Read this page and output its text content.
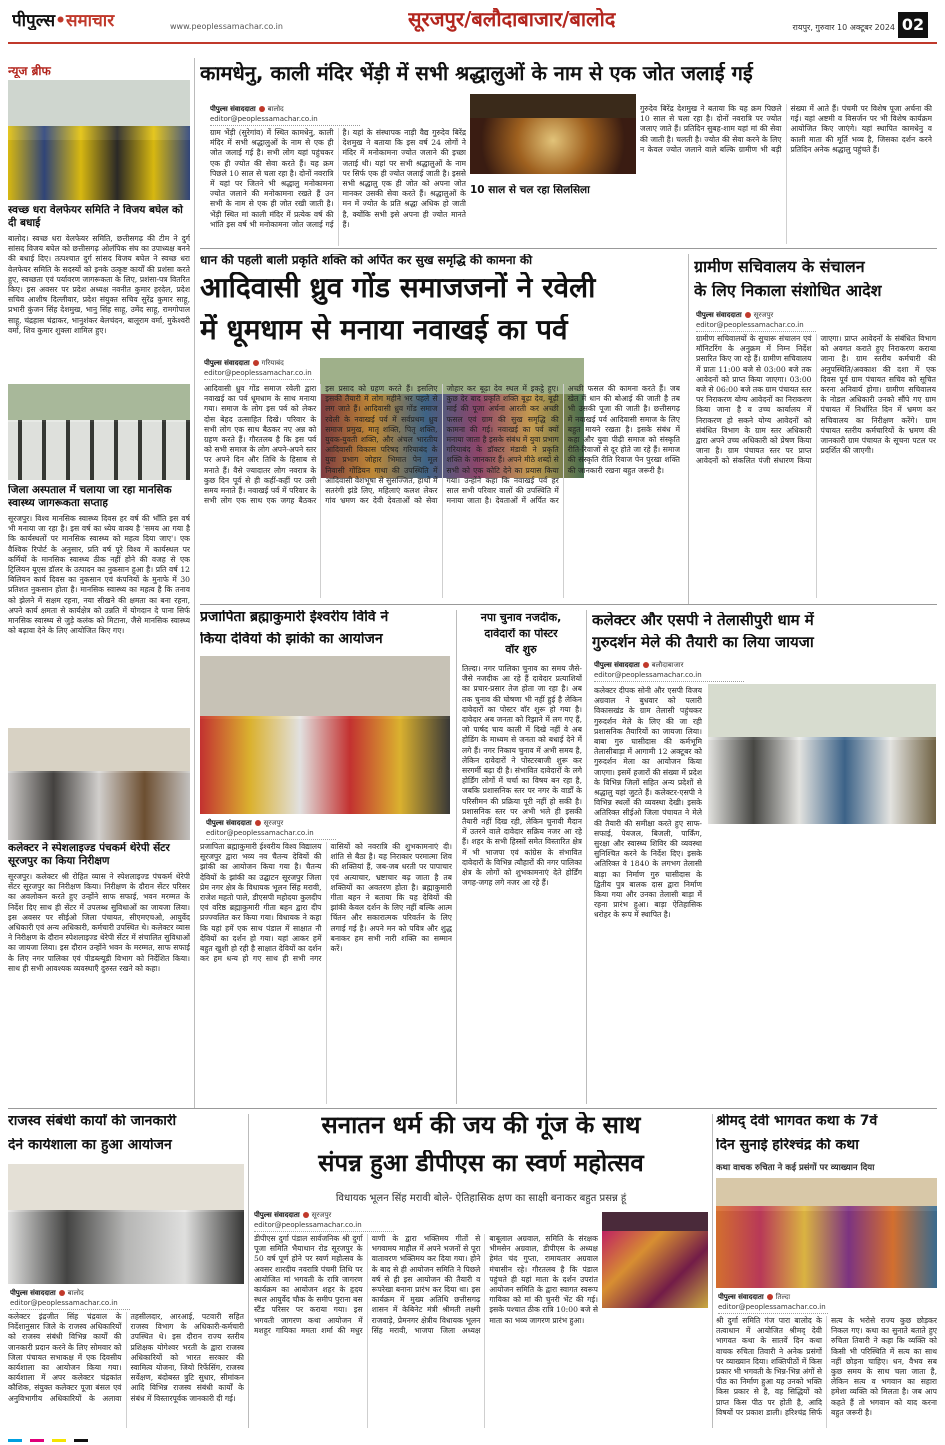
पीपुल्स•समाचार	www.peoplessamachar.co.in	सूरजपुर/बलौदाबाजार/बालोद	रायपुर, गुरुवार 10 अक्टूबर 2024 02
न्यूज ब्रीफ
स्वच्छ धरा वेलफेयर समिति ने विजय बघेल को दी बधाई
बालोद। स्वच्छ धरा वेलफेयर समिति, छत्तीसगढ़ की टीम ने दुर्ग सांसद विजय बघेल को छत्तीसगढ़ ओलंपिक संघ का उपाध्यक्ष बनने की बधाई दिए। तत्पश्चात दुर्ग सांसद विजय बघेल ने स्वच्छ धरा वेलफेयर समिति के सदस्यों को इनके उत्कृष्ट कार्यों की प्रशंसा करते हुए, स्वच्छता एवं पर्यावरण जागरूकता के लिए, प्रशंसा-पत्र वितरित किए। इस अवसर पर प्रदेश अध्यक्ष नवनीत कुमार हरदेल, प्रदेश सचिव आशीष दिल्लीवार, प्रदेश संयुक्त सचिव सुरेंद्र कुमार साहू, प्रभारी कुंजन सिंह देशमुख, भानु सिंह साहू, उमेंद साहू, रामगोपाल साहू, चंद्रहास चंद्राकर, भानुशंकर बेलचंदन, बालूराम वर्मा, मुकेश्वरी वर्मा, शिव कुमार शुक्ला शामिल हुए।
जिला अस्पताल में चलाया जा रहा मानसिक स्वास्थ्य जागरूकता सप्ताह
सूरजपुर। विश्व मानसिक स्वास्थ्य दिवस हर वर्ष की भाँति इस वर्ष भी मनाया जा रहा है। इस वर्ष का ध्येय वाक्य है 'समय आ गया है कि कार्यस्थलों पर मानसिक स्वास्थ्य को महत्व दिया जाए'। एक वैश्विक रिपोर्ट के अनुसार, प्रति वर्ष पूरे विश्व में कार्यस्थल पर कर्मियों के मानसिक स्वास्थ्य ठीक नहीं होने की वजह से एक ट्रिलियन यूएस डॉलर के उत्पादन का नुकसान हुआ है। प्रति वर्ष 12 बिलियन कार्य दिवस का नुकसान एवं कंपनियों के मुनाफे में 30 प्रतिशत नुकसान होता है। मानसिक स्वास्थ्य का महत्व है कि तनाव को झेलने में सक्षम रहना, नया सीखने की क्षमता का बना रहना, अपने कार्य क्षमता से कार्यक्षेत्र को उन्नति में योगदान दे पाना सिर्फ मानसिक स्वास्थ्य से जुड़े कलंक को मिटाना, जैसे मानसिक स्वास्थ्य को बढ़ावा देने के लिए आयोजित किए गए।
कलेक्टर ने स्पेशलाइज्ड पंचकर्म थेरेपी सेंटर सूरजपुर का किया निरीक्षण
सूरजपुर। कलेक्टर श्री रोहित व्यास ने स्पेशलाइज्ड पंचकर्म थेरेपी सेंटर सूरजपुर का निरीक्षण किया। निरीक्षण के दौरान सेंटर परिसर का अवलोकन करते हुए उन्होंने साफ सफाई, भवन मरम्मत के निर्देश दिए साथ ही सेंटर में उपलब्ध सुविधाओं का जायजा लिया। इस अवसर पर सीईओ जिला पंचायत, सीएमएचओ, आयुर्वेद अधिकारी एवं अन्य अधिकारी, कर्मचारी उपस्थित थे। कलेक्टर व्यास ने निरीक्षण के दौरान स्पेशलाइज्ड थेरेपी सेंटर में संचालित सुविधाओं का जायजा लिया। इस दौरान उन्होंने भवन के मरम्मत, साफ सफाई के लिए नगर पालिका एवं पीडब्ल्यूडी विभाग को निर्देशित किया। साथ ही सभी आवश्यक व्यवस्थाएँ दुरुस्त रखने को कहा।
कामधेनु, काली मंदिर भेंड़ी में सभी श्रद्धालुओं के नाम से एक जोत जलाई गई
पीपुल्स संवाददाता बालोद
editor@peoplessamachar.co.in
ग्राम भेंड़ी (सुरेगांव) में स्थित कामधेनु, काली मंदिर में सभी श्रद्धालुओं के नाम से एक ही जोत जलाई गई है। सभी लोग यहां पहुंचकर एक ही ज्योत की सेवा करते हैं। यह क्रम पिछले 10 साल से चला रहा है। दोनों नवरात्रि में यहां पर जितने भी श्रद्धालु मनोकामना ज्योत जलाने की मनोकामना रखते हैं उन सभी के नाम से एक ही जोत रखी जाती है। भेंड़ी स्थित मां काली मंदिर में प्रत्येक वर्ष की भांति इस वर्ष भी मनोकामना जोत जलाई गई है। यहां के संस्थापक नाड़ी वैद्य गुरुदेव बिरेंद्र देशमुख ने बताया कि इस वर्ष 24 लोगों ने मंदिर में मनोकामना ज्योत जलाने की इच्छा जताई थी। यहां पर सभी श्रद्धालुओं के नाम पर सिर्फ एक ही ज्योत जलाई जाती है। इससे सभी श्रद्धालु एक ही जोत को अपना जोत मानकर उसकी सेवा करते हैं। श्रद्धालुओं के मन में ज्योत के प्रति श्रद्धा अधिक हो जाती है, क्योंकि सभी इसे अपना ही ज्योत मानते हैं।
गुरुदेव बिरेंद्र देशमुख ने बताया कि यह क्रम पिछले 10 साल से चला रहा है। दोनों नवरात्रि पर ज्योत जलाए जाते हैं। प्रतिदिन सुबह-शाम यहां मां की सेवा की जाती है। चलती है। ज्योत की सेवा करने के लिए न केवल ज्योत जलाने वाले बल्कि ग्रामीण भी बड़ी संख्या में आते हैं। पंचमी पर विशेष पूजा अर्चना की गई। यहां अष्टमी व विसर्जन पर भी विशेष कार्यक्रम आयोजित किए जाएंगे। यहां स्थापित कामधेनु व काली माता की मूर्ति भव्य है, जिसका दर्शन करने प्रतिदिन अनेक श्रद्धालु पहुंचते हैं।
10 साल से चल रहा सिलसिला
धान की पहली बाली प्रकृति शक्ति को अर्पित कर सुख समृद्धि की कामना की
आदिवासी ध्रुव गोंड समाजजनों ने रवेली
में धूमधाम से मनाया नवाखई का पर्व
पीपुल्स संवाददाता गरियाबंद
editor@peoplessamachar.co.in
आदिवासी ध्रुव गोंड समाज रवेली द्वारा नवाखई का पर्व धूमधाम के साथ मनाया गया। समाज के लोग इस पर्व को लेकर दोस बेहद उत्साहित दिखे। परिवार के सभी लोग एक साथ बैठकर नए अन्न को ग्रहण करते हैं। गौरतलब है कि इस पर्व को सभी समाज के लोग अपने-अपने स्तर पर अपने दिन और तिथि के हिसाब से मनाते हैं। वैसे ज्यादातर लोग नवरात्र के कुछ दिन पूर्व से ही कहीं-कहीं पर उसी समय मनाते हैं। नवाखई पर्व में परिवार के सभी लोग एक साथ एक जगह बैठकर इस प्रसाद को ग्रहण करते हैं। इसलिए इसकी तैयारी में लोग महीने भर पहले से लग जाते हैं। आदिवासी ध्रुव गोंड समाज रवेली के नवाखई पर्व में सर्वप्रथम ध्रुव समाज प्रमुख, मातृ शक्ति, पितृ शक्ति, युवक-युवती शक्ति, और अंचल भारतीय आदिवासी विकास परिषद गरियाबंद के युवा प्रभाग जोहार भिमात पेन मूल निवासी गोंडियन गाथा की उपस्थिति में आदिवासी वेशभूषा से सुसज्जित, हाथों में सतरंगी झंडे लिए, महिलाएं कलश लेकर गांव भ्रमण कर देवी देवताओं को सेवा जोहार कर बूढ़ा देव स्थल में इकट्ठे हुए। कुछ देर बाद प्रकृति शक्ति बूढ़ा देव, बूढ़ी माई की पूजा अर्चना आरती कर अच्छी फसल एवं ग्राम की सुख समृद्धि की कामना की गई। नवाखई का पर्व क्यों मनाया जाता है इसके संबंध में युवा प्रभाग गरियाबंद के डॉक्टर मंडावी ने प्रकृति शक्ति के जानकार हैं। अपने मीठे शब्दों से सभी को एक कोटि देने का प्रयास किया गया। उन्होंने कहा कि नवाखई पर्व हर साल सभी परिवार वालों की उपस्थिति में मनाया जाता है। देवताओं में अर्पित कर अच्छी फसल की कामना करते हैं। जब खेत में धान की बोआई की जाती है तब भी उसकी पूजा की जाती है। छत्तीसगढ़ में नवाखई पर्व आदिवासी समाज के लिए बहुत मायने रखता है। इसके संबंध में कहा और युवा पीढ़ी समाज को संस्कृति रीति-रिवाजों से दूर होते जा रहे हैं। समाज की संस्कृति रीति रिवाज पेन पुरखा शक्ति की जानकारी रखना बहुत जरूरी है।
ग्रामीण सचिवालय के संचालन
के लिए निकाला संशोधित आदेश
पीपुल्स संवाददाता सूरजपुर
editor@peoplessamachar.co.in
ग्रामीण सचिवालयों के सुचारू संचालन एवं मॉनिटरिंग के अनुक्रम में निम्न निर्देश प्रसारित किए जा रहे हैं। ग्रामीण सचिवालय में प्रातः 11:00 बजे से 03:00 बजे तक आवेदनों को प्राप्त किया जाएगा। 03:00 बजे से 06:00 बजे तक ग्राम पंचायत स्तर पर निराकरण योग्य आवेदनों का निराकरण किया जाना है व उच्च कार्यालय में निराकरण हो सकने योग्य आवेदनों को संबंधित विभाग के ग्राम स्तर अधिकारी द्वारा अपने उच्च अधिकारी को प्रेषण किया जाना है। ग्राम पंचायत स्तर पर प्राप्त आवेदनों को संकलित पंजी संधारण किया जाएगा। प्राप्त आवेदनों के संबंधित विभाग को अवगत कराते हुए निराकरण कराया जाना है। ग्राम स्तरीय कर्मचारी की अनुपस्थिति/अवकाश की दशा में एक दिवस पूर्व ग्राम पंचायत सचिव को सूचित करना अनिवार्य होगा। ग्रामीण सचिवालय के नोडल अधिकारी उनको सौंपे गए ग्राम पंचायत में निर्धारित दिन में भ्रमण कर सचिवालय का निरीक्षण करेंगे। ग्राम पंचायत स्तरीय कर्मचारियों के भ्रमण की जानकारी ग्राम पंचायत के सूचना पटल पर प्रदर्शित की जाएगी।
प्रजापिता ब्रह्माकुमारी ईश्वरीय विवि ने
किया देवियों की झांकी का आयोजन
पीपुल्स संवाददाता सूरजपुर
editor@peoplessamachar.co.in
प्रजापिता ब्रह्माकुमारी ईश्वरीय विश्व विद्यालय सूरजपुर द्वारा भव्य नव चैतन्य देवियों की झांकी का आयोजन किया गया है। चैतन्य देवियों के झांकी का उद्घाटन सूरजपुर जिला प्रेम नगर क्षेत्र के विधायक भूलन सिंह मरावी, राजेश महतो पाले, डीएसपी महोदया कुलदीप एवं वरिष्ठ ब्रह्माकुमारी गीता बहन द्वारा दीप प्रज्ज्वलित कर किया गया। विधायक ने कहा कि यहां हमें एक साथ पंडाल में साक्षात नौ देवियों का दर्शन हो गया। यहां आकर हमें बहुत खुशी हो रही है साक्षात देवियों का दर्शन कर हम धन्य हो गए साथ ही सभी नगर वासियों को नवरात्रि की शुभकामनाएं दी। शांति से बैठा है। यह निराकार परमात्मा शिव की शक्तियां हैं, जब-जब धरती पर पापाचार एवं अत्याचार, भ्रष्टाचार बढ़ जाता है तब शक्तियों का अवतरण होता है। ब्रह्माकुमारी गीता बहन ने बताया कि यह देवियों की झांकी केवल दर्शन के लिए नहीं बल्कि आत्म चिंतन और सकारात्मक परिवर्तन के लिए लगाई गई है। अपने मन को पवित्र और शुद्ध बनाकर हम सभी नारी शक्ति का सम्मान करें।
नपा चुनाव नजदीक,
दावेदारों का पोस्टर
वॉर शुरु
तिल्दा। नगर पालिका चुनाव का समय जैसे-जैसे नजदीक आ रहे हैं दावेदार प्रत्याशियों का प्रचार-प्रसार तेज होता जा रहा है। अब तक चुनाव की घोषणा भी नहीं हुई है लेकिन दावेदारों का पोस्टर वॉर शुरू हो गया है। दावेदार अब जनता को रिझाने में लग गए हैं, जो पार्षद चाय काली में दिखे नहीं वे अब होडिंग के माध्यम से जनता को बधाई देने में लगे हैं। नगर निकाय चुनाव में अभी समय है, लेकिन दावेदारों ने पोस्टरबाजी शुरू कर सरगर्मी बढ़ा दी है। संभावित दावेदारों के लगे होर्डिंग लोगों में चर्चा का विषय बन रहा है, जबकि प्रशासनिक स्तर पर नगर के वार्डों के परिसीमन की प्रक्रिया पूरी नहीं हो सकी है। प्रशासनिक स्तर पर अभी भले ही इसकी तैयारी नहीं दिख रही, लेकिन चुनावी मैदान में उतरने वाले दावेदार सक्रिय नजर आ रहे हैं। शहर के सभी हिस्सों समेत विस्तारित क्षेत्र में भी भाजपा एवं कांग्रेस के संभावित दावेदारों के विभिन्न त्यौहारों की नगर पालिका क्षेत्र के लोगों को शुभकामनाएं देते होर्डिंग जगह-जगह लगे नजर आ रहे हैं।
कलेक्टर और एसपी ने तेलासीपुरी धाम में
गुरुदर्शन मेले की तैयारी का लिया जायजा
पीपुल्स संवाददाता बलौदाबाजार
editor@peoplessamachar.co.in
कलेक्टर दीपक सोनी और एसपी विजय अग्रवाल ने बुधवार को पलारी विकासखंड के ग्राम तेलासी पहुंचकर गुरुदर्शन मेले के लिए की जा रही प्रशासनिक तैयारियों का जायजा लिया। बाबा गुरु घासीदास की कर्मभूमि तेलासीबाड़ा में आगामी 12 अक्टूबर को गुरुदर्शन मेला का आयोजन किया जाएगा। इसमें हजारों की संख्या में प्रदेश के विभिन्न जिलों सहित अन्य प्रदेशों से श्रद्धालु यहां जुटते हैं। कलेक्टर-एसपी ने विभिन्न स्थलों की व्यवस्था देखी। इसके अतिरिक्त सीईओ जिला पंचायत ने मेले की तैयारी की समीक्षा करते हुए साफ-सफाई, पेयजल, बिजली, पार्किंग, सुरक्षा और स्वास्थ्य शिविर की व्यवस्था सुनिश्चित करने के निर्देश दिए। इसके अतिरिक्त वे 1840 के लगभग तेलासी बाड़ा का निर्माण गुरु घासीदास के द्वितीय पुत्र बालक दास द्वारा निर्माण किया गया और उनका तेलासी बाड़ा में रहना प्रारंभ हुआ। बाड़ा ऐतिहासिक धरोहर के रूप में स्थापित है।
राजस्व संबंधी कार्यों की जानकारी
देने कार्यशाला का हुआ आयोजन
पीपुल्स संवाददाता बालोद
editor@peoplessamachar.co.in
कलेक्टर इंद्रजीत सिंह चंद्रवाल के निर्देशानुसार जिले के राजस्व अधिकारियों को राजस्व संबंधी विभिन्न कार्यों की जानकारी प्रदान करने के लिए सोमवार को जिला पंचायत सभाकक्ष में एक दिवसीय कार्यशाला का आयोजन किया गया। कार्यशाला में अपर कलेक्टर चंद्रकांत कौशिक, संयुक्त कलेक्टर पूजा बंसल एवं अनुविभागीय अधिकारियों के अलावा तहसीलदार, आरआई, पटवारी सहित राजस्व विभाग के अधिकारी-कर्मचारी उपस्थित थे। इस दौरान राज्य स्तरीय प्रशिक्षक योगेश्वर भरती के द्वारा राजस्व अधिकारियों को भारत सरकार की स्वामित्व योजना, जियो रिफेंसिंग, राजस्व सर्वेक्षण, बंदोबस्त त्रुटि सुधार, सीमांकन आदि विभिन्न राजस्व संबंधी कार्यों के संबंध में विस्तारपूर्वक जानकारी दी गई।
सनातन धर्म की जय की गूंज के साथ
संपन्न हुआ डीपीएस का स्वर्ण महोत्सव
विधायक भूलन सिंह मरावी बोले- ऐतिहासिक क्षण का साक्षी बनाकर बहुत प्रसन्न हूं
पीपुल्स संवाददाता सूरजपुर
editor@peoplessamachar.co.in
डीपीएस दुर्गा पंडाल सार्वजनिक श्री दुर्गा पूजा समिति भैयाथान रोड सूरजपुर के 50 वर्ष पूर्ण होने पर स्वर्ण महोत्सव के अवसर शारदीय नवरात्रि पंचमी तिथि पर आयोजित मां भगवती के रात्रि जागरण कार्यक्रम का आयोजन शहर के हृदय स्थल आयुर्वेद चौक के समीप पुराना बस स्टैंड परिसर पर कराया गया। इस भगवती जागरण कथा आयोजन में मशहूर गायिका ममता शर्मा की मधुर वाणी के द्वारा भक्तिमय गीतों से भगवामय माहौल में अपने भजनों से पूरा वातावरण भक्तिमय कर दिया गया। होने के बाद से ही आयोजन समिति ने पिछले वर्ष से ही इस आयोजन की तैयारी व रूपरेखा बनाना प्रारंभ कर दिया था। इस कार्यक्रम में मुख्य अतिथि छत्तीसगढ़ शासन में केबिनेट मंत्री श्रीमती लक्ष्मी राजवाड़े, प्रेमनगर क्षेत्रीय विधायक भूलन सिंह मरावी, भाजपा जिला अध्यक्ष बाबूलाल अग्रवाल, समिति के संरक्षक भीमसेन अग्रवाल, डीपीएस के अध्यक्ष हेमंत चंद गुप्ता, रामायतार अग्रवाल मंचासीन रहे। गौरतलब है कि पंडाल पहुंचते ही यहां माता के दर्शन उपरांत आयोजन समिति के द्वारा स्वागत स्वरूप गायिका को मां की चुनरी भेंट की गई। इसके पश्चात ठीक रात्रि 10:00 बजे से माता का भव्य जागरण प्रारंभ हुआ।
श्रीमद् देवी भागवत कथा के 7वें
दिन सुनाई हरिश्चंद्र की कथा
कथा वाचक रुचिता ने कई प्रसंगों पर व्याख्यान दिया
पीपुल्स संवाददाता तिल्दा
editor@peoplessamachar.co.in
श्री दुर्गा समिति गंज पारा बालोद के तत्वाधान में आयोजित श्रीमद् देवी भागवत कथा के सातवें दिन कथा वाचक रुचिता तिवारी ने अनेक प्रसंगों पर व्याख्यान दिया। शक्तिपीठों में किस प्रकार भी भगवती के भिन्न-भिन्न अंगों से पीठ का निर्माण हुआ यह उनको भक्ति किस प्रकार से है, वह सिद्धियों को प्राप्त किस पीठ पर होती है, आदि विषयों पर प्रकाश डाली। हरिश्चंद्र सिर्फ सत्य के भरोसे राज्य कुछ छोड़कर निकल गए। कथा का सुनाते बताते हुए रुचिता तिवारी ने कहा कि व्यक्ति को किसी भी परिस्थिति में सत्य का साथ नहीं छोड़ना चाहिए। धन, वैभव सब कुछ समय के साथ चला जाता है, लेकिन सत्य व भगवान का सहारा हमेशा व्यक्ति को मिलता है। जब आप कहते हैं तो भगवान को याद करना बहुत जरूरी है।
